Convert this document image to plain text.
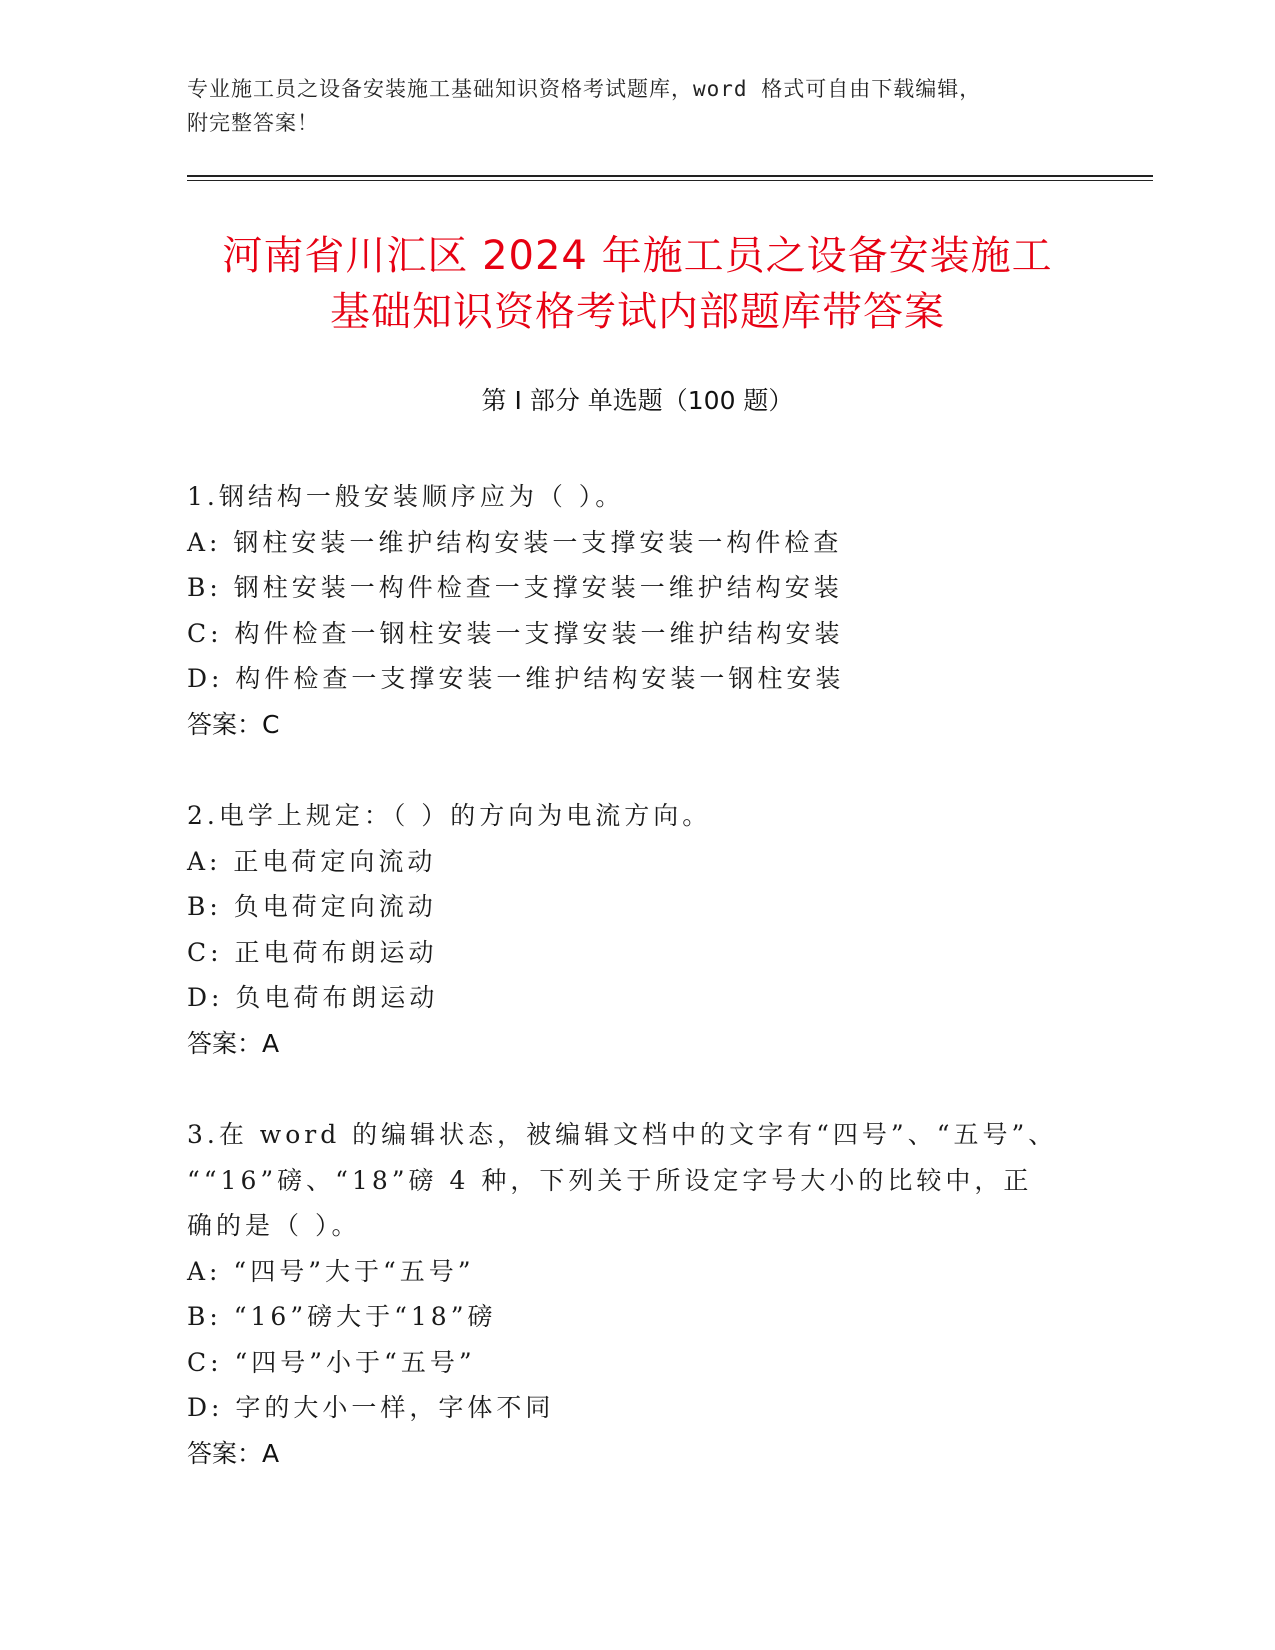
专业施工员之设备安装施工基础知识资格考试题库，word 格式可自由下载编辑，
附完整答案！
河南省川汇区 2024 年施工员之设备安装施工
基础知识资格考试内部题库带答案
第 I 部分 单选题（100 题）
1.钢结构一般安装顺序应为（ ）。
A: 钢柱安装一维护结构安装一支撑安装一构件检查
B: 钢柱安装一构件检查一支撑安装一维护结构安装
C: 构件检查一钢柱安装一支撑安装一维护结构安装
D: 构件检查一支撑安装一维护结构安装一钢柱安装
答案：C
2.电学上规定：（ ）的方向为电流方向。
A: 正电荷定向流动
B: 负电荷定向流动
C: 正电荷布朗运动
D: 负电荷布朗运动
答案：A
3.在 word 的编辑状态，被编辑文档中的文字有“四号”、“五号”、
““16”磅、“18”磅 4 种，下列关于所设定字号大小的比较中，正
确的是（ ）。
A: “四号”大于“五号”
B: “16”磅大于“18”磅
C: “四号”小于“五号”
D: 字的大小一样，字体不同
答案：A
